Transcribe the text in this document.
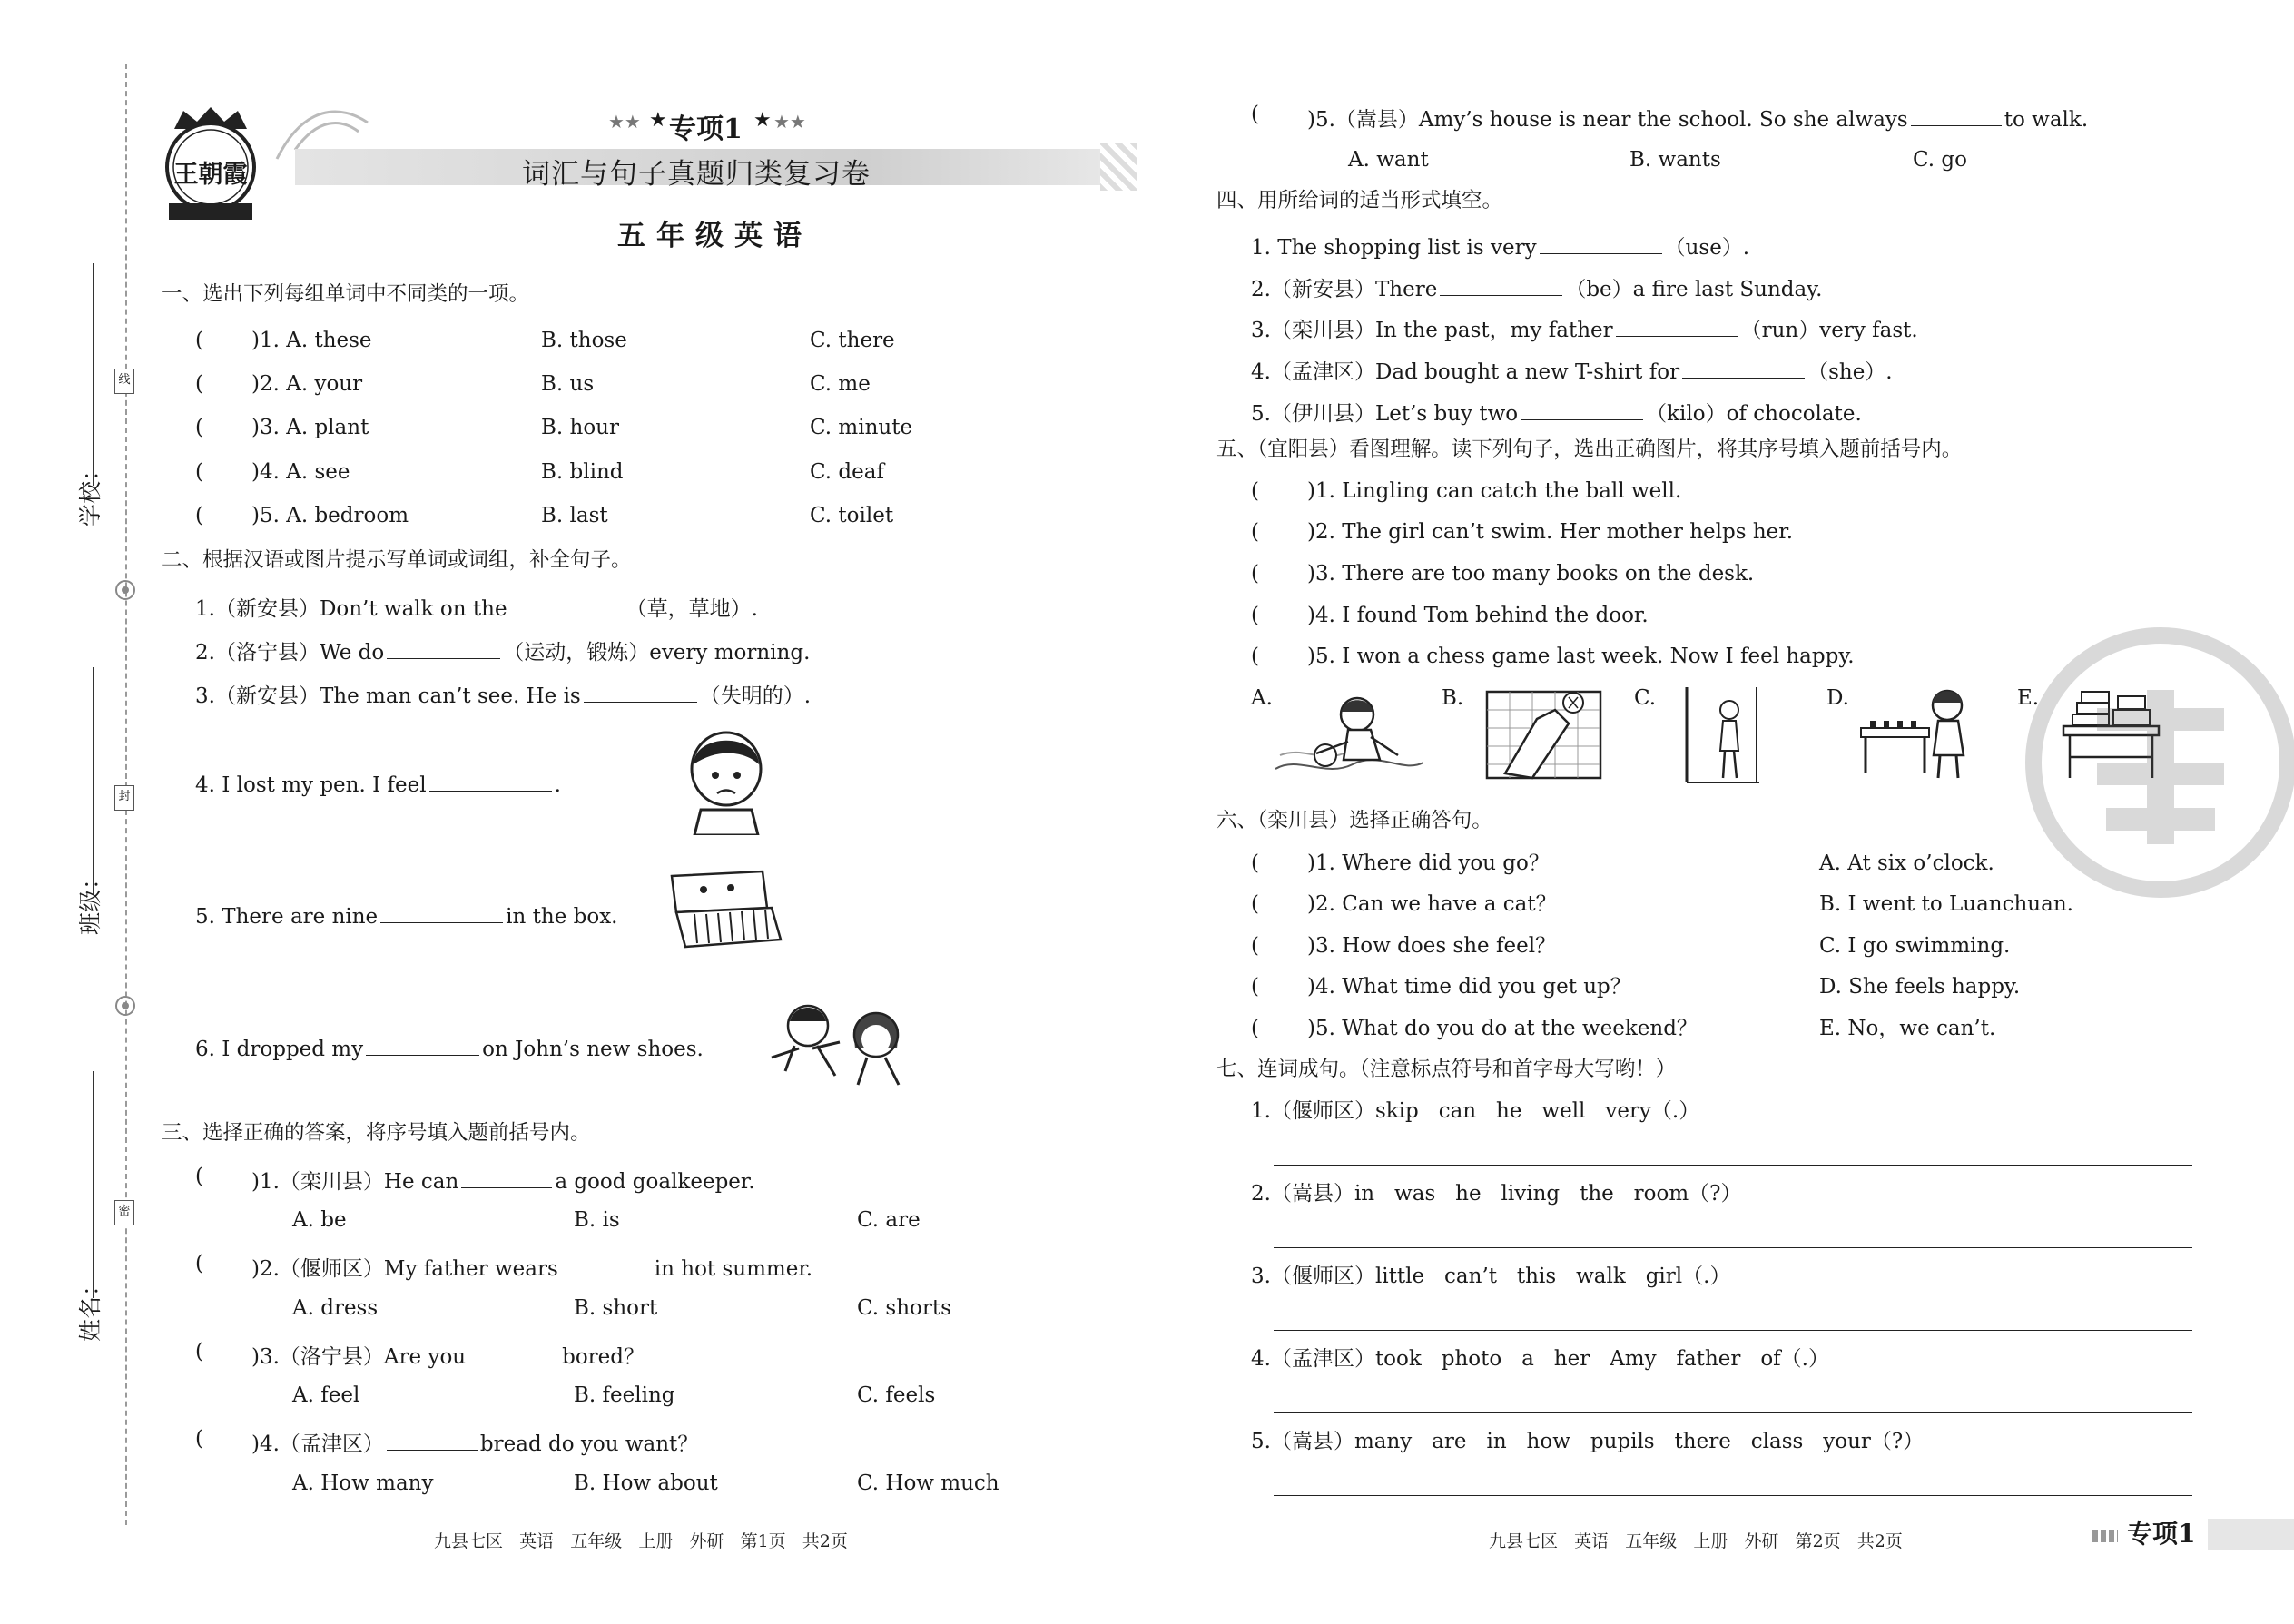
学校：
班级：
姓名：
线
封
密
王朝霞
★★ ★ 专项1 ★ ★★
词汇与句子真题归类复习卷
五年级英语
一、选出下列每组单词中不同类的一项。
( )1. A. these	B. those	C. there
( )2. A. your	B. us	C. me
( )3. A. plant	B. hour	C. minute
( )4. A. see	B. blind	C. deaf
( )5. A. bedroom	B. last	C. toilet
二、根据汉语或图片提示写单词或词组，补全句子。
1.（新安县）Don’t walk on the	（草，草地）.
2.（洛宁县）We do	（运动，锻炼）every morning.
3.（新安县）The man can’t see. He is	（失明的）.
4. I lost my pen. I feel	.
5. There are nine	in the box.
6. I dropped my	on John’s new shoes.
三、选择正确的答案，将序号填入题前括号内。
( )1.（栾川县）He can	a good goalkeeper.
A. be	B. is	C. are
( )2.（偃师区）My father wears	in hot summer.
A. dress	B. short	C. shorts
( )3.（洛宁县）Are you	bored？
A. feel	B. feeling	C. feels
( )4.（孟津区）	bread do you want？
A. How many	B. How about	C. How much
( )5.（嵩县）Amy’s house is near the school. So she always	to walk.
A. want	B. wants	C. go
四、用所给词的适当形式填空。
1. The shopping list is very	（use）.
2.（新安县）There	（be）a fire last Sunday.
3.（栾川县）In the past，my father	（run）very fast.
4.（孟津区）Dad bought a new T-shirt for	（she）.
5.（伊川县）Let’s buy two	（kilo）of chocolate.
五、（宜阳县）看图理解。读下列句子，选出正确图片，将其序号填入题前括号内。
( )1. Lingling can catch the ball well.
( )2. The girl can’t swim. Her mother helps her.
( )3. There are too many books on the desk.
( )4. I found Tom behind the door.
( )5. I won a chess game last week. Now I feel happy.
A.	B.	C.	D.	E.
六、（栾川县）选择正确答句。
( )1. Where did you go？	A. At six o’clock.
( )2. Can we have a cat？	B. I went to Luanchuan.
( )3. How does she feel？	C. I go swimming.
( )4. What time did you get up？	D. She feels happy.
( )5. What do you do at the weekend？	E. No，we can’t.
七、连词成句。（注意标点符号和首字母大写哟！）
1.（偃师区）skip   can   he   well   very（.）
2.（嵩县）in   was   he   living   the   room（?）
3.（偃师区）little   can’t   this   walk   girl（.）
4.（孟津区）took   photo   a   her   Amy   father   of（.）
5.（嵩县）many   are   in   how   pupils   there   class   your（?）
九县七区   英语   五年级   上册   外研   第1页   共2页	九县七区   英语   五年级   上册   外研   第2页   共2页	专项1
